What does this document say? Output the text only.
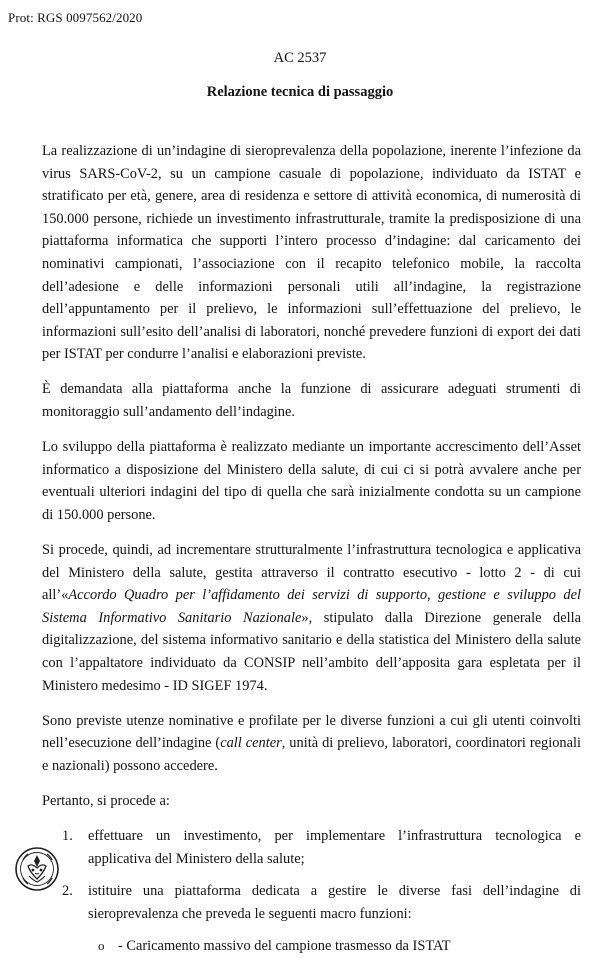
Prot: RGS 0097562/2020
AC 2537
Relazione tecnica di passaggio

La realizzazione di un’indagine di sieroprevalenza della popolazione, inerente l’infezione da virus SARS-CoV-2, su un campione casuale di popolazione, individuato da ISTAT e stratificato per età, genere, area di residenza e settore di attività economica, di numerosità di 150.000 persone, richiede un investimento infrastrutturale, tramite la predisposizione di una piattaforma informatica che supporti l’intero processo d’indagine: dal caricamento dei nominativi campionati, l’associazione con il recapito telefonico mobile, la raccolta dell’adesione e delle informazioni personali utili all’indagine, la registrazione dell’appuntamento per il prelievo, le informazioni sull’effettuazione del prelievo, le informazioni sull’esito dell’analisi di laboratori, nonché prevedere funzioni di export dei dati per ISTAT per condurre l’analisi e elaborazioni previste.

È demandata alla piattaforma anche la funzione di assicurare adeguati strumenti di monitoraggio sull’andamento dell’indagine.

Lo sviluppo della piattaforma è realizzato mediante un importante accrescimento dell’Asset informatico a disposizione del Ministero della salute, di cui ci si potrà avvalere anche per eventuali ulteriori indagini del tipo di quella che sarà inizialmente condotta su un campione di 150.000 persone.

Si procede, quindi, ad incrementare strutturalmente l’infrastruttura tecnologica e applicativa del Ministero della salute, gestita attraverso il contratto esecutivo - lotto 2 - di cui all’«Accordo Quadro per l’affidamento dei servizi di supporto, gestione e sviluppo del Sistema Informativo Sanitario Nazionale», stipulato dalla Direzione generale della digitalizzazione, del sistema informativo sanitario e della statistica del Ministero della salute con l’appaltatore individuato da CONSIP nell’ambito dell’apposita gara espletata per il Ministero medesimo - ID SIGEF 1974.

Sono previste utenze nominative e profilate per le diverse funzioni a cui gli utenti coinvolti nell’esecuzione dell’indagine (call center, unità di prelievo, laboratori, coordinatori regionali e nazionali) possono accedere.

Pertanto, si procede a:

1.	effettuare un investimento, per implementare l’infrastruttura tecnologica e applicativa del Ministero della salute;
2.	istituire una piattaforma dedicata a gestire le diverse fasi dell’indagine di sieroprevalenza che preveda le seguenti macro funzioni:
o - Caricamento massivo del campione trasmesso da ISTAT
